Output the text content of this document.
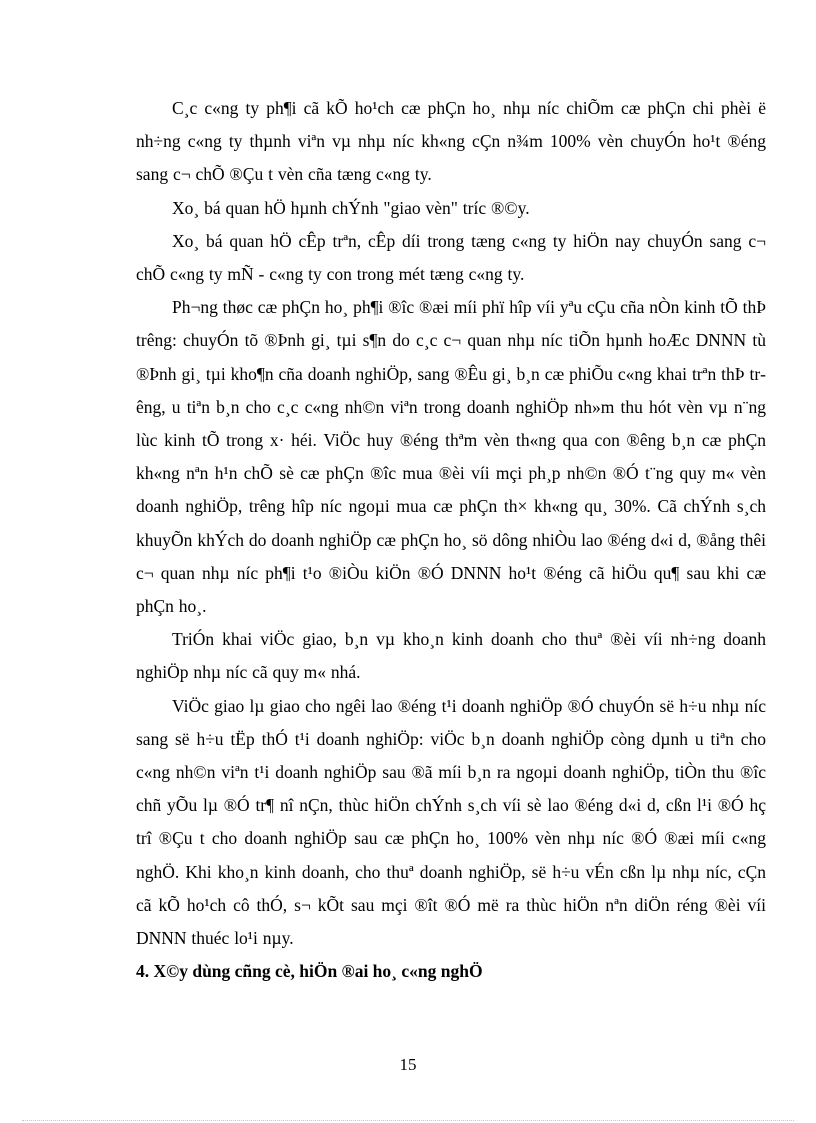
C¸c c«ng ty ph¶i cã kÕ ho¹ch cæ phÇn ho¸ nhµ níc chiÕm cæ phÇn chi phèi ë nh÷ng c«ng ty thµnh viªn vµ nhµ níc kh«ng cÇn n¾m 100% vèn chuyÓn ho¹t ®éng sang c¬ chÕ ®Çu t vèn cña tæng c«ng ty.

Xo¸ bá quan hÖ hµnh chÝnh "giao vèn" tríc ®©y.

Xo¸ bá quan hÖ cÊp trªn, cÊp díi trong tæng c«ng ty hiÖn nay chuyÓn sang c¬ chÕ c«ng ty mÑ - c«ng ty con trong mét tæng c«ng ty.

Ph¬ng thøc cæ phÇn ho¸ ph¶i ®îc ®æi míi phï hîp víi yªu cÇu cña nÒn kinh tÕ thÞ trêng: chuyÓn tõ ®Þnh gi¸ tµi s¶n do c¸c c¬ quan nhµ níc tiÕn hµnh hoÆc DNNN tù ®Þnh gi¸ tµi kho¶n cña doanh nghiÖp, sang ®Êu gi¸ b¸n cæ phiÕu c«ng khai trªn thÞ trêng, u tiªn b¸n cho c¸c c«ng nh©n viªn trong doanh nghiÖp nh»m thu hót vèn vµ n¨ng lùc kinh tÕ trong x· héi. ViÖc huy ®éng thªm vèn th«ng qua con ®êng b¸n cæ phÇn kh«ng nªn h¹n chÕ sè cæ phÇn ®îc mua ®èi víi mçi ph¸p nh©n ®Ó t¨ng quy m« vèn doanh nghiÖp, trêng hîp níc ngoµi mua cæ phÇn th× kh«ng qu¸ 30%. Cã chÝnh s¸ch khuyÕn khÝch do doanh nghiÖp cæ phÇn ho¸ sö dông nhiÒu lao ®éng d«i d, ®ång thêi c¬ quan nhµ níc ph¶i t¹o ®iÒu kiÖn ®Ó DNNN ho¹t ®éng cã hiÖu qu¶ sau khi cæ phÇn ho¸.

TriÓn khai viÖc giao, b¸n vµ kho¸n kinh doanh cho thuª ®èi víi nh÷ng doanh nghiÖp nhµ níc cã quy m« nhá.

ViÖc giao lµ giao cho ngêi lao ®éng t¹i doanh nghiÖp ®Ó chuyÓn së h÷u nhµ níc sang së h÷u tËp thÓ t¹i doanh nghiÖp: viÖc b¸n doanh nghiÖp còng dµnh u tiªn cho c«ng nh©n viªn t¹i doanh nghiÖp sau ®ã míi b¸n ra ngoµi doanh nghiÖp, tiÒn thu ®îc chñ yÕu lµ ®Ó tr¶ nî nÇn, thùc hiÖn chÝnh s¸ch víi sè lao ®éng d«i d, cßn l¹i ®Ó hç trî ®Çu t cho doanh nghiÖp sau cæ phÇn ho¸ 100% vèn nhµ níc ®Ó ®æi míi c«ng nghÖ. Khi kho¸n kinh doanh, cho thuª doanh nghiÖp, së h÷u vÉn cßn lµ nhµ níc, cÇn cã kÕ ho¹ch cô thÓ, s¬ kÕt sau mçi ®ît ®Ó më ra thùc hiÖn nªn diÖn réng ®èi víi DNNN thuéc lo¹i nµy.

4. X©y dùng cñng cè, hiÖn ®ai ho¸ c«ng nghÖ

15
